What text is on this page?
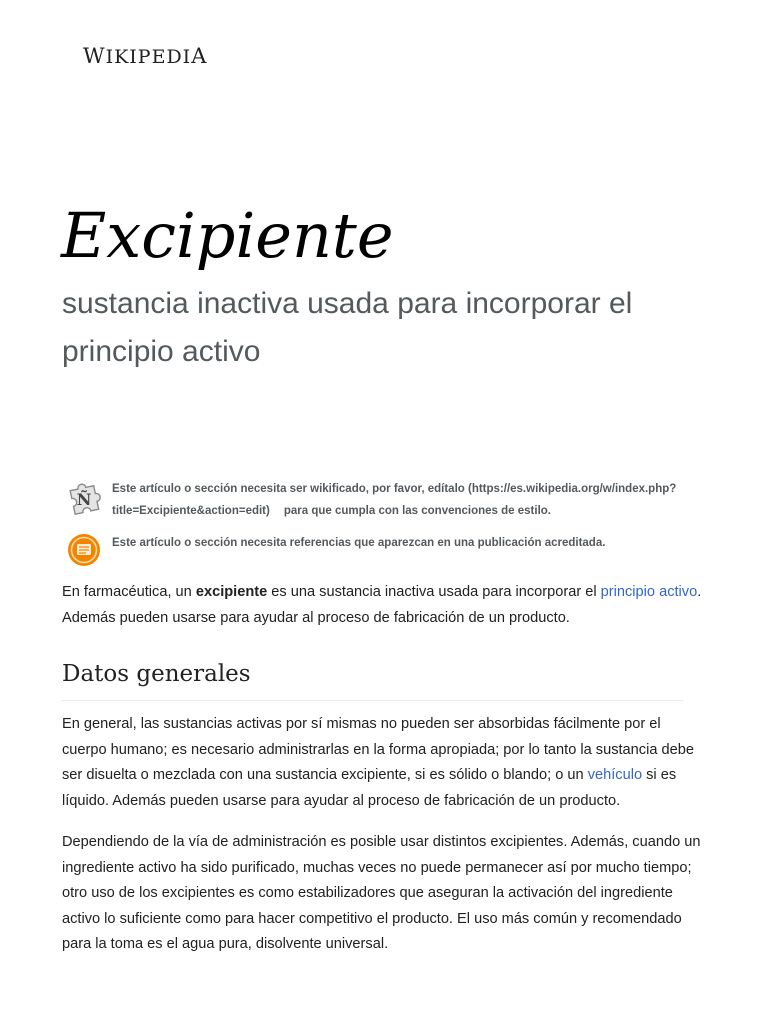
WIKIPEDIA
Excipiente

sustancia inactiva usada para incorporar el principio activo

Ñ
Este artículo o sección necesita ser wikificado, por favor, edítalo (https://es.wikipedia.org/w/index.php?title=Excipiente&action=edit) para que cumpla con las convenciones de estilo.
Este artículo o sección necesita referencias que aparezcan en una publicación acreditada.

En farmacéutica, un excipiente es una sustancia inactiva usada para incorporar el principio activo. Además pueden usarse para ayudar al proceso de fabricación de un producto.

Datos generales

En general, las sustancias activas por sí mismas no pueden ser absorbidas fácilmente por el cuerpo humano; es necesario administrarlas en la forma apropiada; por lo tanto la sustancia debe ser disuelta o mezclada con una sustancia excipiente, si es sólido o blando; o un vehículo si es líquido. Además pueden usarse para ayudar al proceso de fabricación de un producto.

Dependiendo de la vía de administración es posible usar distintos excipientes. Además, cuando un ingrediente activo ha sido purificado, muchas veces no puede permanecer así por mucho tiempo; otro uso de los excipientes es como estabilizadores que aseguran la activación del ingrediente activo lo suficiente como para hacer competitivo el producto. El uso más común y recomendado para la toma es el agua pura, disolvente universal.
